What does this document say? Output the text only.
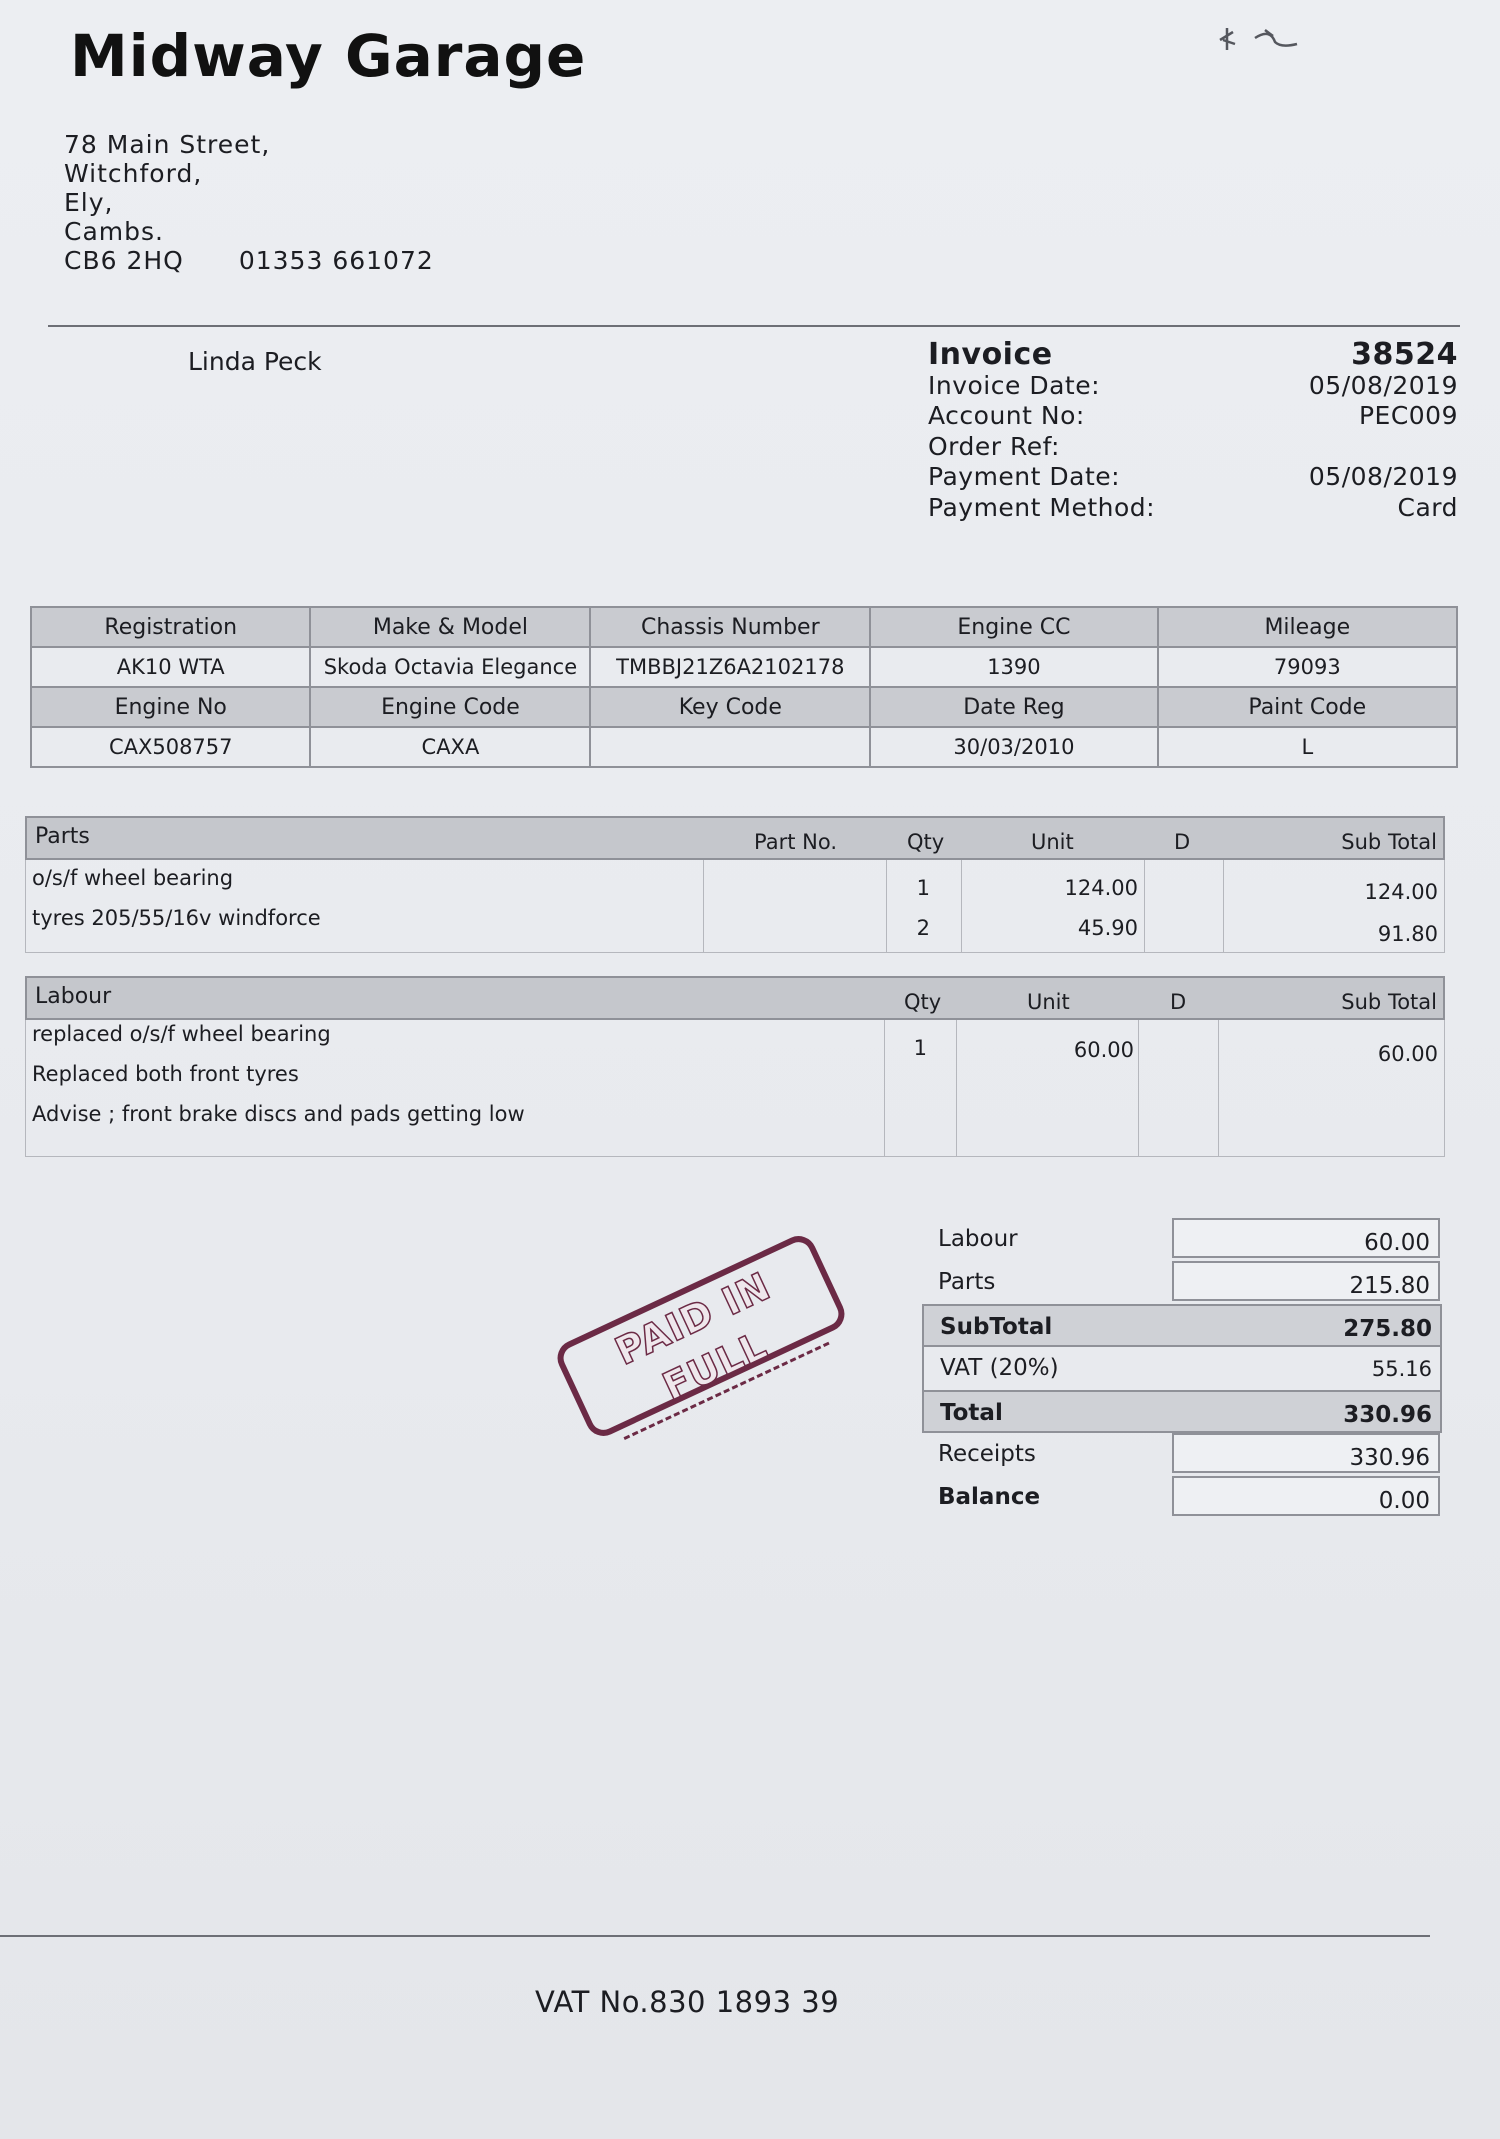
Midway Garage
78 Main Street,
Witchford,
Ely,
Cambs.
CB6 2HQ 01353 661072
Linda Peck	Invoice	38524
Invoice Date:	05/08/2019
Account No:	PEC009
Order Ref:
Payment Date:	05/08/2019
Payment Method:	Card
Registration	Make & Model	Chassis Number	Engine CC	Mileage
AK10 WTA	Skoda Octavia Elegance	TMBBJ21Z6A2102178	1390	79093
Engine No	Engine Code	Key Code	Date Reg	Paint Code
CAX508757	CAXA		30/03/2010	L
Parts	Part No.	Qty	Unit	D	Sub Total
o/s/f wheel bearing	1	124.00	124.00
tyres 205/55/16v windforce	2	45.90	91.80
Labour	Qty	Unit	D	Sub Total
replaced o/s/f wheel bearing
Replaced both front tyres
Advise ; front brake discs and pads getting low
1	60.00	60.00
PAID IN FULL
Labour	60.00
Parts	215.80
SubTotal	275.80
VAT (20%)	55.16
Total	330.96
Receipts	330.96
Balance	0.00
VAT No.830 1893 39
